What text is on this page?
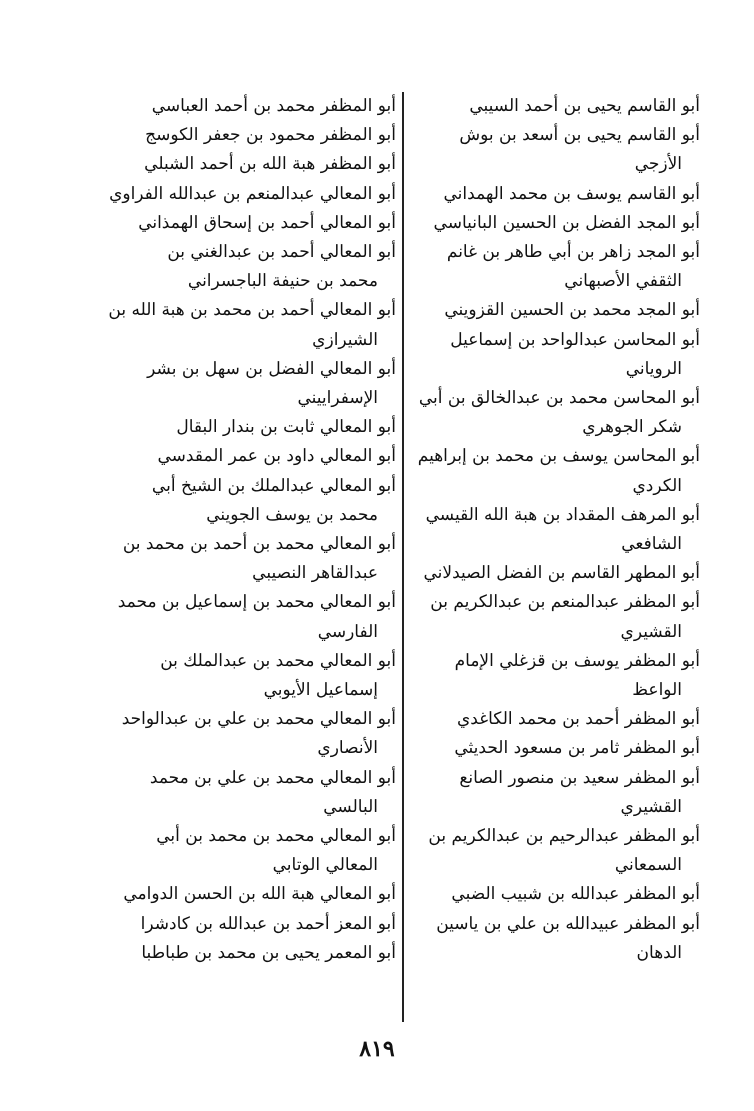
أبو القاسم يحيى بن أحمد السيبي
أبو القاسم يحيى بن أسعد بن بوش
الأزجي
أبو القاسم يوسف بن محمد الهمداني
أبو المجد الفضل بن الحسين البانياسي
أبو المجد زاهر بن أبي طاهر بن غانم
الثقفي الأصبهاني
أبو المجد محمد بن الحسين القزويني
أبو المحاسن عبدالواحد بن إسماعيل
الروياني
أبو المحاسن محمد بن عبدالخالق بن أبي
شكر الجوهري
أبو المحاسن يوسف بن محمد بن إبراهيم
الكردي
أبو المرهف المقداد بن هبة الله القيسي
الشافعي
أبو المطهر القاسم بن الفضل الصيدلاني
أبو المظفر عبدالمنعم بن عبدالكريم بن
القشيري
أبو المظفر يوسف بن قزغلي الإمام
الواعظ
أبو المظفر أحمد بن محمد الكاغدي
أبو المظفر ثامر بن مسعود الحديثي
أبو المظفر سعيد بن منصور الصانع
القشيري
أبو المظفر عبدالرحيم بن عبدالكريم بن
السمعاني
أبو المظفر عبدالله بن شبيب الضبي
أبو المظفر عبيدالله بن علي بن ياسين
الدهان
أبو المظفر محمد بن أحمد العباسي
أبو المظفر محمود بن جعفر الكوسج
أبو المظفر هبة الله بن أحمد الشبلي
أبو المعالي عبدالمنعم بن عبدالله الفراوي
أبو المعالي أحمد بن إسحاق الهمذاني
أبو المعالي أحمد بن عبدالغني بن
محمد بن حنيفة الباجسراني
أبو المعالي أحمد بن محمد بن هبة الله بن
الشيرازي
أبو المعالي الفضل بن سهل بن بشر
الإسفراييني
أبو المعالي ثابت بن بندار البقال
أبو المعالي داود بن عمر المقدسي
أبو المعالي عبدالملك بن الشيخ أبي
محمد بن يوسف الجويني
أبو المعالي محمد بن أحمد بن محمد بن
عبدالقاهر النصيبي
أبو المعالي محمد بن إسماعيل بن محمد
الفارسي
أبو المعالي محمد بن عبدالملك بن
إسماعيل الأيوبي
أبو المعالي محمد بن علي بن عبدالواحد
الأنصاري
أبو المعالي محمد بن علي بن محمد
البالسي
أبو المعالي محمد بن محمد بن أبي
المعالي الوتابي
أبو المعالي هبة الله بن الحسن الدوامي
أبو المعز أحمد بن عبدالله بن كادشرا
أبو المعمر يحيى بن محمد بن طباطبا
٨١٩
